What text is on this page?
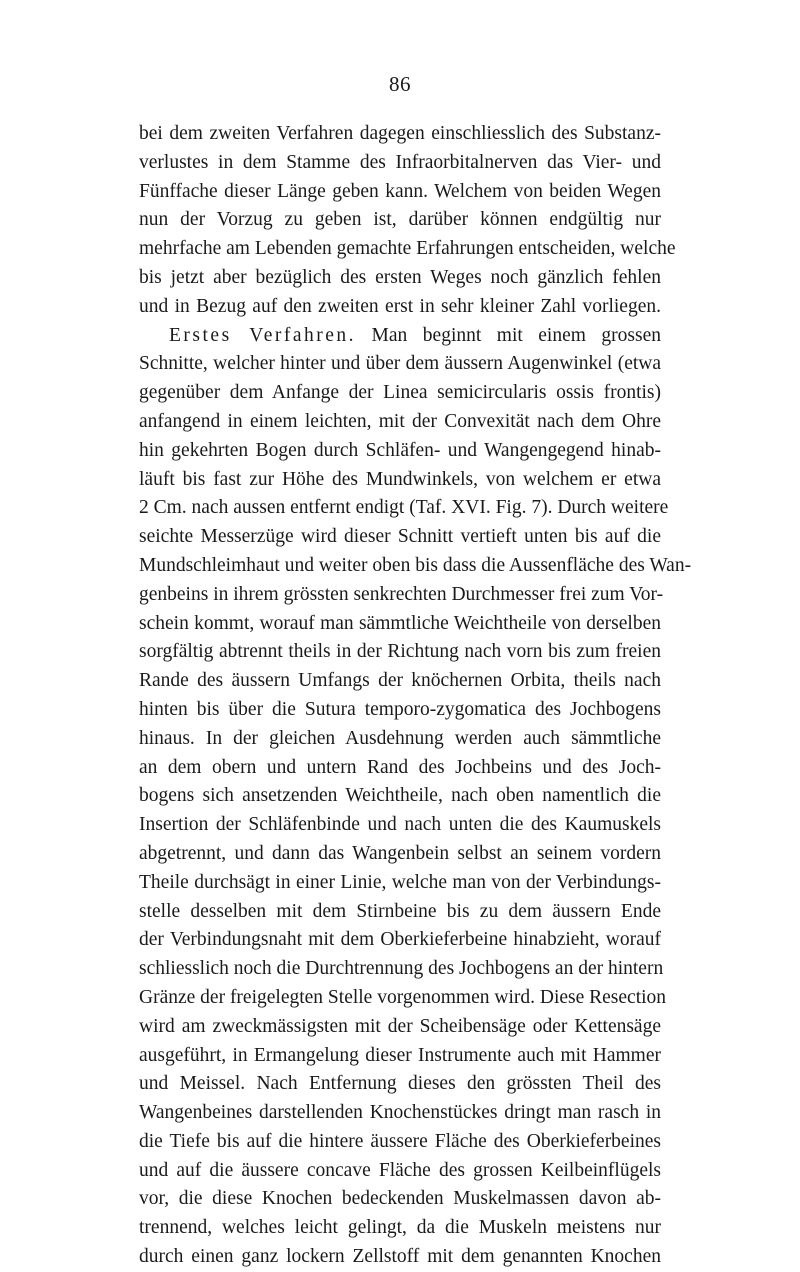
86
bei dem zweiten Verfahren dagegen einschliesslich des Substanz-
verlustes in dem Stamme des Infraorbitalnerven das Vier- und
Fünffache dieser Länge geben kann. Welchem von beiden Wegen
nun der Vorzug zu geben ist, darüber können endgültig nur
mehrfache am Lebenden gemachte Erfahrungen entscheiden, welche
bis jetzt aber bezüglich des ersten Weges noch gänzlich fehlen
und in Bezug auf den zweiten erst in sehr kleiner Zahl vorliegen.
Erstes Verfahren. Man beginnt mit einem grossen
Schnitte, welcher hinter und über dem äussern Augenwinkel (etwa
gegenüber dem Anfange der Linea semicircularis ossis frontis)
anfangend in einem leichten, mit der Convexität nach dem Ohre
hin gekehrten Bogen durch Schläfen- und Wangengegend hinab-
läuft bis fast zur Höhe des Mundwinkels, von welchem er etwa
2 Cm. nach aussen entfernt endigt (Taf. XVI. Fig. 7). Durch weitere
seichte Messerzüge wird dieser Schnitt vertieft unten bis auf die
Mundschleimhaut und weiter oben bis dass die Aussenfläche des Wan-
genbeins in ihrem grössten senkrechten Durchmesser frei zum Vor-
schein kommt, worauf man sämmtliche Weichtheile von derselben
sorgfältig abtrennt theils in der Richtung nach vorn bis zum freien
Rande des äussern Umfangs der knöchernen Orbita, theils nach
hinten bis über die Sutura temporo-zygomatica des Jochbogens
hinaus. In der gleichen Ausdehnung werden auch sämmtliche
an dem obern und untern Rand des Jochbeins und des Joch-
bogens sich ansetzenden Weichtheile, nach oben namentlich die
Insertion der Schläfenbinde und nach unten die des Kaumuskels
abgetrennt, und dann das Wangenbein selbst an seinem vordern
Theile durchsägt in einer Linie, welche man von der Verbindungs-
stelle desselben mit dem Stirnbeine bis zu dem äussern Ende
der Verbindungsnaht mit dem Oberkieferbeine hinabzieht, worauf
schliesslich noch die Durchtrennung des Jochbogens an der hintern
Gränze der freigelegten Stelle vorgenommen wird. Diese Resection
wird am zweckmässigsten mit der Scheibensäge oder Kettensäge
ausgeführt, in Ermangelung dieser Instrumente auch mit Hammer
und Meissel. Nach Entfernung dieses den grössten Theil des
Wangenbeines darstellenden Knochenstückes dringt man rasch in
die Tiefe bis auf die hintere äussere Fläche des Oberkieferbeines
und auf die äussere concave Fläche des grossen Keilbeinflügels
vor, die diese Knochen bedeckenden Muskelmassen davon ab-
trennend, welches leicht gelingt, da die Muskeln meistens nur
durch einen ganz lockern Zellstoff mit dem genannten Knochen
